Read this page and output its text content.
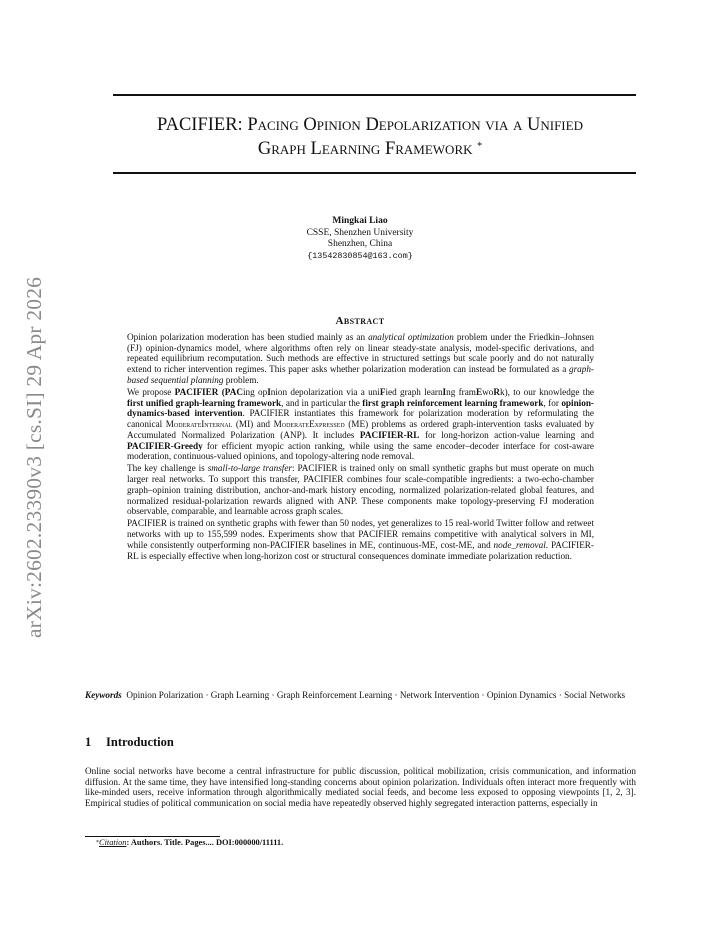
arXiv:2602.23390v3 [cs.SI] 29 Apr 2026
PACIFIER: Pacing Opinion Depolarization via a Unified
Graph Learning Framework *
Mingkai Liao
CSSE, Shenzhen University
Shenzhen, China
{13542830854@163.com}
Abstract

Opinion polarization moderation has been studied mainly as an analytical optimization problem under the Friedkin–Johnsen (FJ) opinion-dynamics model, where algorithms often rely on linear steady-state analysis, model-specific derivations, and repeated equilibrium recomputation. Such methods are effective in structured settings but scale poorly and do not naturally extend to richer intervention regimes. This paper asks whether polarization moderation can instead be formulated as a graph-based sequential planning problem.

We propose PACIFIER (PACing opInion depolarization via a uniFied graph learnIng framEwoRk), to our knowledge the first unified graph-learning framework, and in particular the first graph reinforcement learning framework, for opinion-dynamics-based intervention. PACIFIER instantiates this framework for polarization moderation by reformulating the canonical ModerateInternal (MI) and ModerateExpressed (ME) problems as ordered graph-intervention tasks evaluated by Accumulated Normalized Polarization (ANP). It includes PACIFIER-RL for long-horizon action-value learning and PACIFIER-Greedy for efficient myopic action ranking, while using the same encoder–decoder interface for cost-aware moderation, continuous-valued opinions, and topology-altering node removal.

The key challenge is small-to-large transfer: PACIFIER is trained only on small synthetic graphs but must operate on much larger real networks. To support this transfer, PACIFIER combines four scale-compatible ingredients: a two-echo-chamber graph–opinion training distribution, anchor-and-mark history encoding, normalized polarization-related global features, and normalized residual-polarization rewards aligned with ANP. These components make topology-preserving FJ moderation observable, comparable, and learnable across graph scales.

PACIFIER is trained on synthetic graphs with fewer than 50 nodes, yet generalizes to 15 real-world Twitter follow and retweet networks with up to 155,599 nodes. Experiments show that PACIFIER remains competitive with analytical solvers in MI, while consistently outperforming non-PACIFIER baselines in ME, continuous-ME, cost-ME, and node_removal. PACIFIER-RL is especially effective when long-horizon cost or structural consequences dominate immediate polarization reduction.

Keywords Opinion Polarization · Graph Learning · Graph Reinforcement Learning · Network Intervention · Opinion Dynamics · Social Networks
1 Introduction

Online social networks have become a central infrastructure for public discussion, political mobilization, crisis communication, and information diffusion. At the same time, they have intensified long-standing concerns about opinion polarization. Individuals often interact more frequently with like-minded users, receive information through algorithmically mediated social feeds, and become less exposed to opposing viewpoints [1, 2, 3]. Empirical studies of political communication on social media have repeatedly observed highly segregated interaction patterns, especially in

*Citation: Authors. Title. Pages.... DOI:000000/11111.
